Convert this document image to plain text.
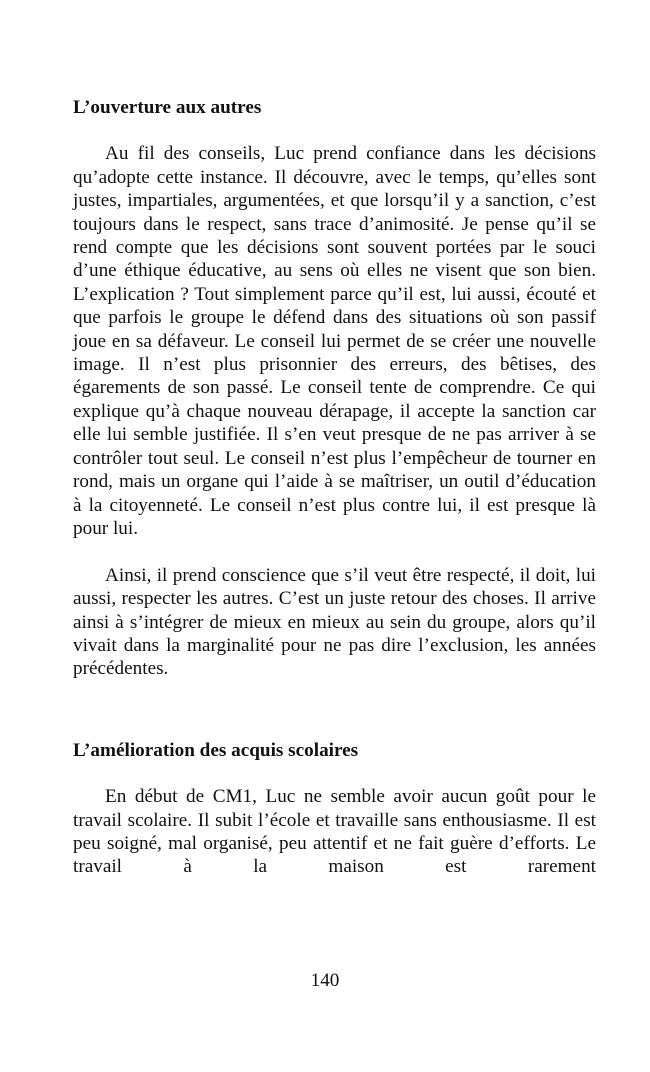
L’ouverture aux autres

Au fil des conseils, Luc prend confiance dans les décisions qu’adopte cette instance. Il découvre, avec le temps, qu’elles sont justes, impartiales, argumentées, et que lorsqu’il y a sanction, c’est toujours dans le respect, sans trace d’animosité. Je pense qu’il se rend compte que les décisions sont souvent portées par le souci d’une éthique éducative, au sens où elles ne visent que son bien. L’explication ? Tout simplement parce qu’il est, lui aussi, écouté et que parfois le groupe le défend dans des situations où son passif joue en sa défaveur. Le conseil lui permet de se créer une nouvelle image. Il n’est plus prisonnier des erreurs, des bêtises, des égarements de son passé. Le conseil tente de comprendre. Ce qui explique qu’à chaque nouveau dérapage, il accepte la sanction car elle lui semble justifiée. Il s’en veut presque de ne pas arriver à se contrôler tout seul. Le conseil n’est plus l’empêcheur de tourner en rond, mais un organe qui l’aide à se maîtriser, un outil d’éducation à la citoyenneté. Le conseil n’est plus contre lui, il est presque là pour lui.

Ainsi, il prend conscience que s’il veut être respecté, il doit, lui aussi, respecter les autres. C’est un juste retour des choses. Il arrive ainsi à s’intégrer de mieux en mieux au sein du groupe, alors qu’il vivait dans la marginalité pour ne pas dire l’exclusion, les années précédentes.

L’amélioration des acquis scolaires

En début de CM1, Luc ne semble avoir aucun goût pour le travail scolaire. Il subit l’école et travaille sans enthousiasme. Il est peu soigné, mal organisé, peu attentif et ne fait guère d’efforts. Le travail à la maison est rarement

140
